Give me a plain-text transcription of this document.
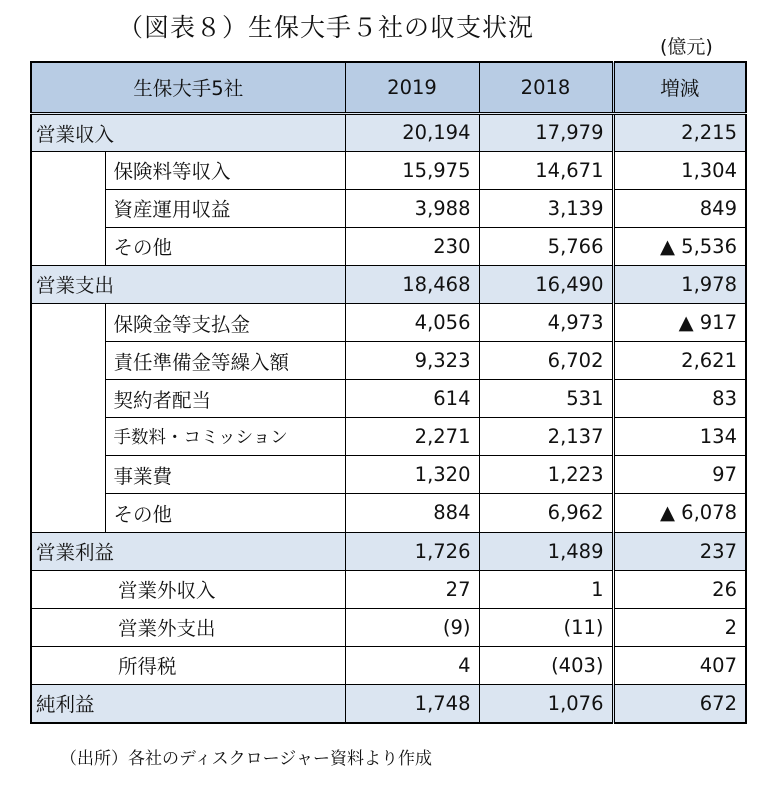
（図表８）生保大手５社の収支状況
(億元)
生保大手5社		2019	2018	増減
営業収入		20,194	17,979	2,215
	保険料等収入	15,975	14,671	1,304
	資産運用収益	3,988	3,139	849
	その他	230	5,766	▲ 5,536
営業支出		18,468	16,490	1,978
	保険金等支払金	4,056	4,973	▲ 917
	責任準備金等繰入額	9,323	6,702	2,621
	契約者配当	614	531	83
	手数料・コミッション	2,271	2,137	134
	事業費	1,320	1,223	97
	その他	884	6,962	▲ 6,078
営業利益		1,726	1,489	237
営業外収入		27	1	26
営業外支出		(9)	(11)	2
所得税		4	(403)	407
純利益		1,748	1,076	672
（出所）各社のディスクロージャー資料より作成
